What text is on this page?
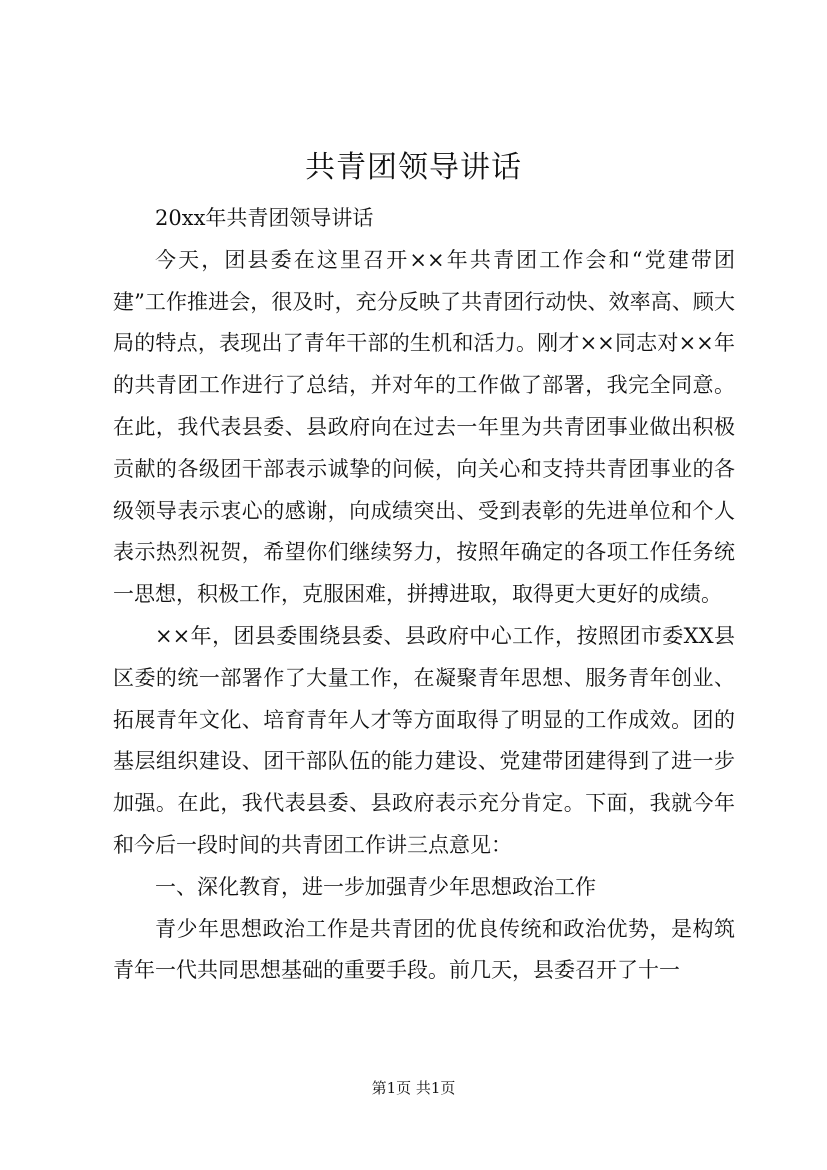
共青团领导讲话

20xx年共青团领导讲话

今天，团县委在这里召开××年共青团工作会和“党建带团建”工作推进会，很及时，充分反映了共青团行动快、效率高、顾大局的特点，表现出了青年干部的生机和活力。刚才××同志对××年的共青团工作进行了总结，并对年的工作做了部署，我完全同意。在此，我代表县委、县政府向在过去一年里为共青团事业做出积极贡献的各级团干部表示诚挚的问候，向关心和支持共青团事业的各级领导表示衷心的感谢，向成绩突出、受到表彰的先进单位和个人表示热烈祝贺，希望你们继续努力，按照年确定的各项工作任务统一思想，积极工作，克服困难，拼搏进取，取得更大更好的成绩。

××年，团县委围绕县委、县政府中心工作，按照团市委XX县区委的统一部署作了大量工作，在凝聚青年思想、服务青年创业、拓展青年文化、培育青年人才等方面取得了明显的工作成效。团的基层组织建设、团干部队伍的能力建设、党建带团建得到了进一步加强。在此，我代表县委、县政府表示充分肯定。下面，我就今年和今后一段时间的共青团工作讲三点意见：

一、深化教育，进一步加强青少年思想政治工作

青少年思想政治工作是共青团的优良传统和政治优势，是构筑青年一代共同思想基础的重要手段。前几天，县委召开了十一

第1页 共1页
